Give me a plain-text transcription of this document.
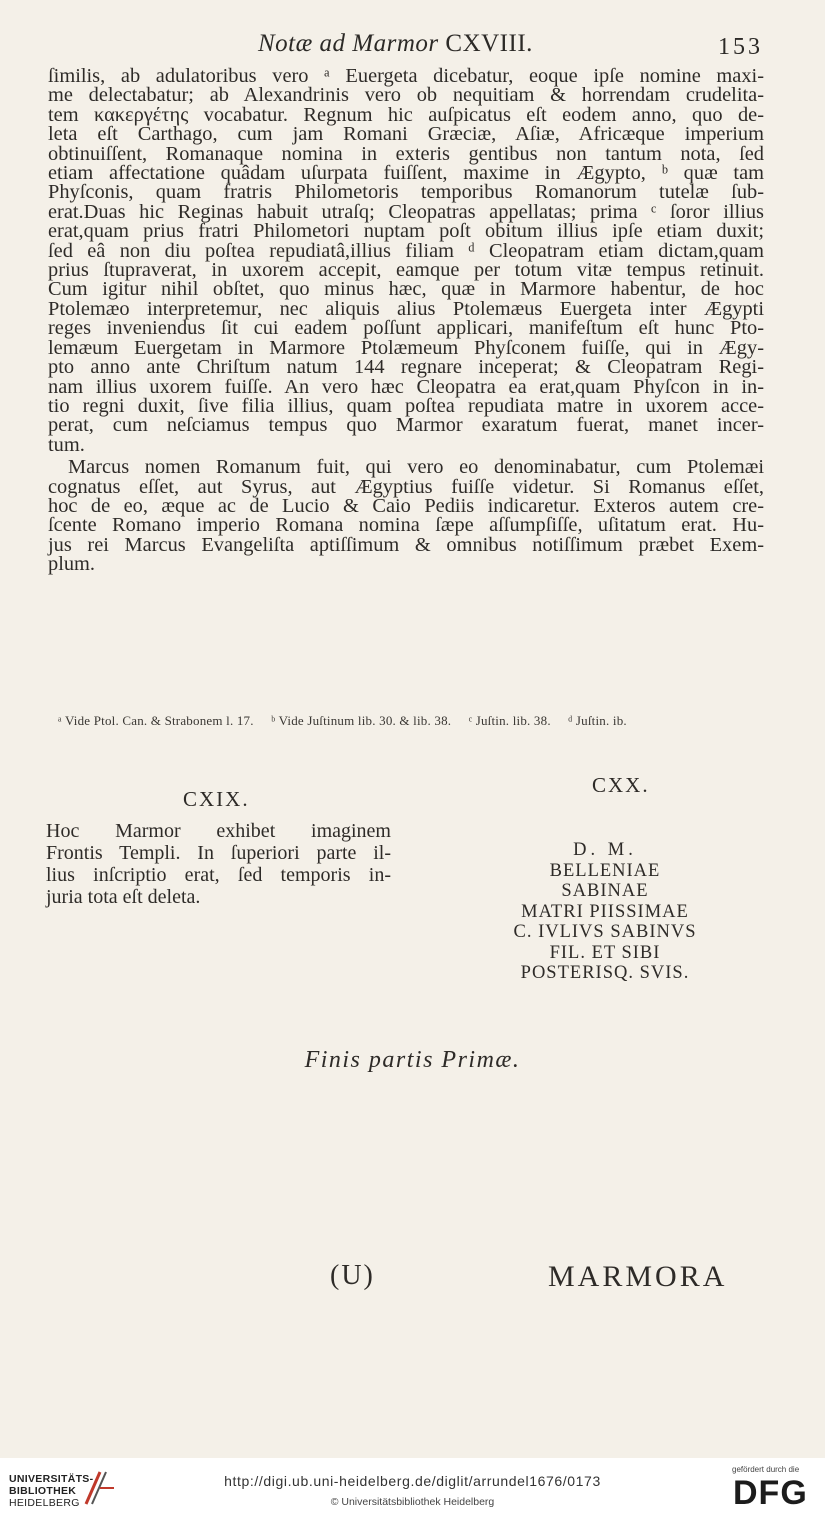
Notæ ad Marmor CXVIII.	153
ſimilis, ab adulatoribus vero ᵃ Euergeta dicebatur, eoque ipſe nomine maxi-
me delectabatur; ab Alexandrinis vero ob nequitiam & horrendam crudelita-
tem κακεργέτης vocabatur. Regnum hic auſpicatus eſt eodem anno, quo de-
leta eſt Carthago, cum jam Romani Græciæ, Aſiæ, Africæque imperium
obtinuiſſent, Romanaque nomina in exteris gentibus non tantum nota, ſed
etiam affectatione quâdam uſurpata fuiſſent, maxime in Ægypto, ᵇ quæ tam
Phyſconis, quam fratris Philometoris temporibus Romanorum tutelæ ſub-
erat.Duas hic Reginas habuit utraſq; Cleopatras appellatas; prima ᶜ ſoror illius
erat,quam prius fratri Philometori nuptam poſt obitum illius ipſe etiam duxit;
ſed eâ non diu poſtea repudiatâ,illius filiam ᵈ Cleopatram etiam dictam,quam
prius ſtupraverat, in uxorem accepit, eamque per totum vitæ tempus retinuit.
Cum igitur nihil obſtet, quo minus hæc, quæ in Marmore habentur, de hoc
Ptolemæo interpretemur, nec aliquis alius Ptolemæus Euergeta inter Ægypti
reges inveniendus ſit cui eadem poſſunt applicari, manifeſtum eſt hunc Pto-
lemæum Euergetam in Marmore Ptolæmeum Phyſconem fuiſſe, qui in Ægy-
pto anno ante Chriſtum natum 144 regnare inceperat; & Cleopatram Regi-
nam illius uxorem fuiſſe. An vero hæc Cleopatra ea erat,quam Phyſcon in in-
tio regni duxit, ſive filia illius, quam poſtea repudiata matre in uxorem acce-
perat, cum neſciamus tempus quo Marmor exaratum fuerat, manet incer-
tum.
Marcus nomen Romanum fuit, qui vero eo denominabatur, cum Ptolemæi
cognatus eſſet, aut Syrus, aut Ægyptius fuiſſe videtur. Si Romanus eſſet,
hoc de eo, æque ac de Lucio & Caio Pediis indicaretur. Exteros autem cre-
ſcente Romano imperio Romana nomina ſæpe aſſumpſiſſe, uſitatum erat. Hu-
jus rei Marcus Evangeliſta aptiſſimum & omnibus notiſſimum præbet Exem-
plum.
ᵃ Vide Ptol. Can. & Strabonem l. 17. ᵇ Vide Juſtinum lib. 30. & lib. 38. ᶜ Juſtin. lib. 38. ᵈ Juſtin. ib.
CXX.
CXIX.
Hoc Marmor exhibet imaginem
Frontis Templi. In ſuperiori parte il-
lius inſcriptio erat, ſed temporis in-
juria tota eſt deleta.
D. M.
BELLENIAE
SABINAE
MATRI PIISSIMAE
C. IVLIVS SABINVS
FIL. ET SIBI
POSTERISQ. SVIS.
Finis partis Primæ.
(U)	MARMORA
UNIVERSITÄTS-
BIBLIOTHEK
HEIDELBERG
http://digi.ub.uni-heidelberg.de/diglit/arrundel1676/0173
© Universitätsbibliothek Heidelberg
gefördert durch die
DFG
